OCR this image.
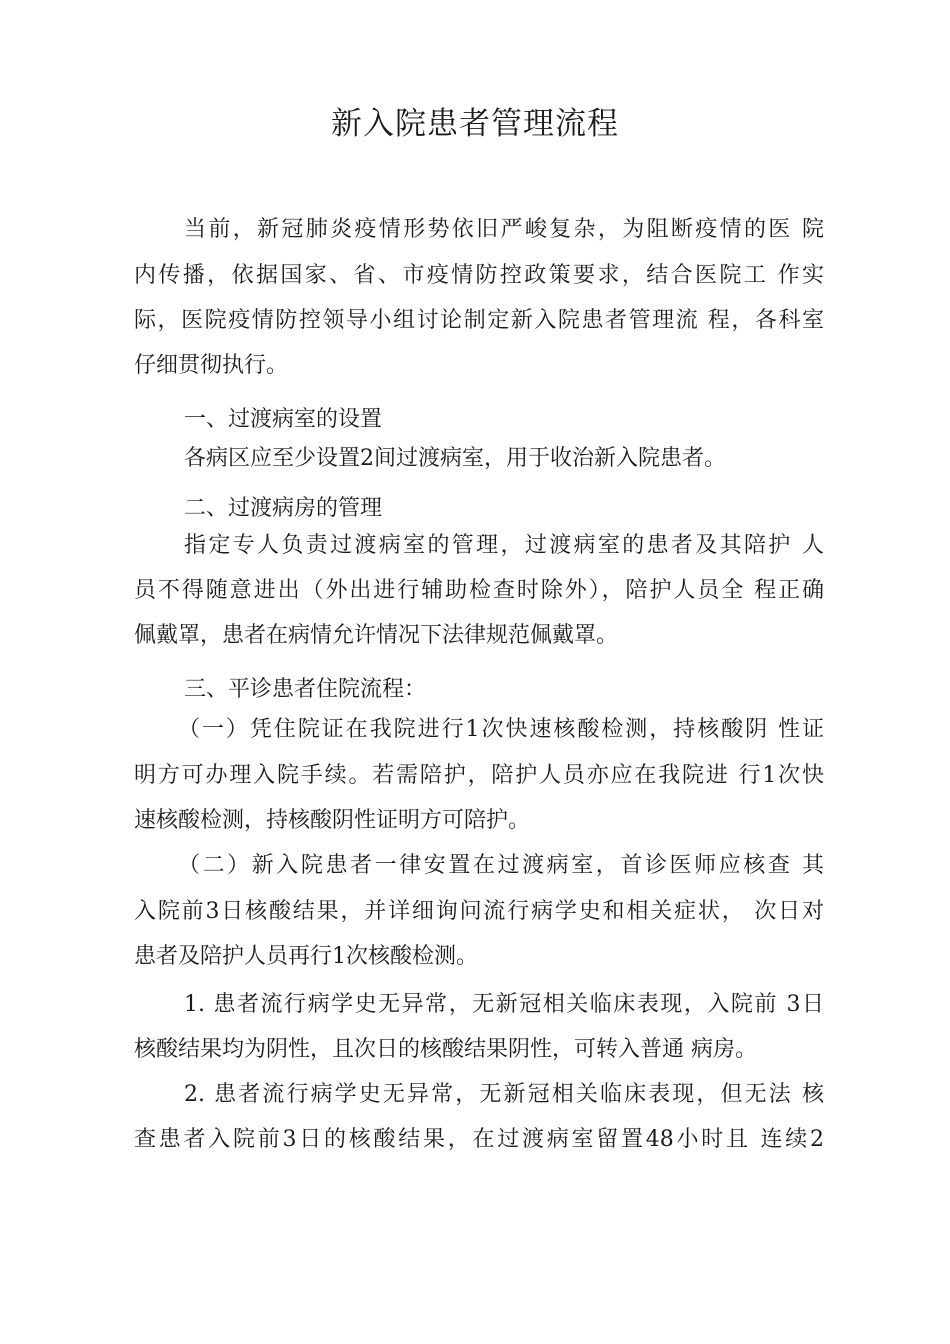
新入院患者管理流程

当前，新冠肺炎疫情形势依旧严峻复杂，为阻断疫情的医 院

内传播，依据国家、省、市疫情防控政策要求，结合医院工 作实

际，医院疫情防控领导小组讨论制定新入院患者管理流 程，各科室

仔细贯彻执行。

一、过渡病室的设置

各病区应至少设置2间过渡病室，用于收治新入院患者。

二、过渡病房的管理

指定专人负责过渡病室的管理，过渡病室的患者及其陪护 人

员不得随意进出（外出进行辅助检查时除外），陪护人员全 程正确

佩戴罩，患者在病情允许情况下法律规范佩戴罩。

三、平诊患者住院流程：

（一）凭住院证在我院进行1次快速核酸检测，持核酸阴 性证

明方可办理入院手续。若需陪护，陪护人员亦应在我院进 行1次快

速核酸检测，持核酸阴性证明方可陪护。

（二）新入院患者一律安置在过渡病室，首诊医师应核查 其

入院前3日核酸结果，并详细询问流行病学史和相关症状， 次日对

患者及陪护人员再行1次核酸检测。

1. 患者流行病学史无异常，无新冠相关临床表现，入院前 3日

核酸结果均为阴性，且次日的核酸结果阴性，可转入普通 病房。

2. 患者流行病学史无异常，无新冠相关临床表现，但无法 核

查患者入院前3日的核酸结果，在过渡病室留置48小时且 连续2
